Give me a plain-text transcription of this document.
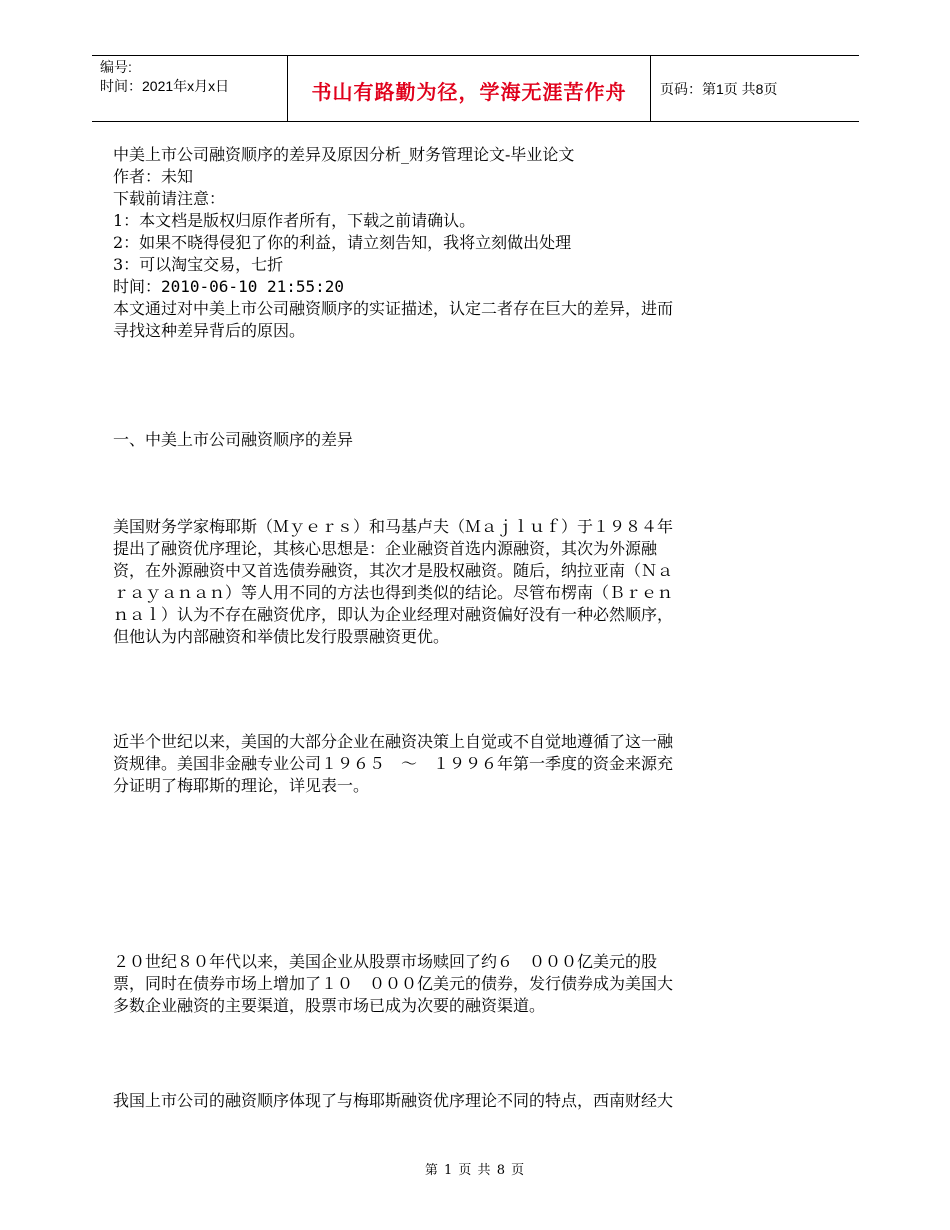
编号:
时间：2021年x月x日	书山有路勤为径，学海无涯苦作舟	页码：第1页 共8页

中美上市公司融资顺序的差异及原因分析_财务管理论文-毕业论文

作者：未知

下载前请注意：

1：本文档是版权归原作者所有，下载之前请确认。

2：如果不晓得侵犯了你的利益，请立刻告知，我将立刻做出处理

3：可以淘宝交易，七折

时间：2010-06-10 21:55:20

本文通过对中美上市公司融资顺序的实证描述，认定二者存在巨大的差异，进而

寻找这种差异背后的原因。

一、中美上市公司融资顺序的差异

美国财务学家梅耶斯（Ｍｙｅｒｓ）和马基卢夫（Ｍａｊｌｕｆ）于１９８４年

提出了融资优序理论，其核心思想是：企业融资首选内源融资，其次为外源融

资，在外源融资中又首选债券融资，其次才是股权融资。随后，纳拉亚南（Ｎａ

ｒａｙａｎａｎ）等人用不同的方法也得到类似的结论。尽管布楞南（Ｂｒｅｎ

ｎａｌ）认为不存在融资优序，即认为企业经理对融资偏好没有一种必然顺序，

但他认为内部融资和举债比发行股票融资更优。

近半个世纪以来，美国的大部分企业在融资决策上自觉或不自觉地遵循了这一融

资规律。美国非金融专业公司１９６５　～　１９９６年第一季度的资金来源充

分证明了梅耶斯的理论，详见表一。

２０世纪８０年代以来，美国企业从股票市场赎回了约６　０００亿美元的股

票，同时在债券市场上增加了１０　０００亿美元的债券，发行债券成为美国大

多数企业融资的主要渠道，股票市场已成为次要的融资渠道。

我国上市公司的融资顺序体现了与梅耶斯融资优序理论不同的特点，西南财经大

第 1 页 共 8 页
